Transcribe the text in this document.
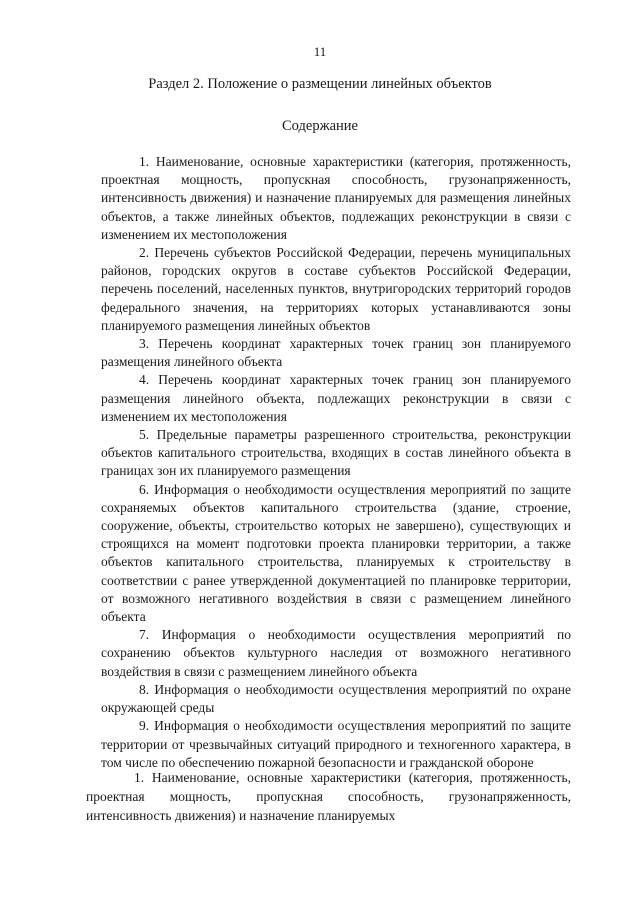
11
Раздел 2. Положение о размещении линейных объектов
Содержание

1. Наименование, основные характеристики (категория, протяженность, проектная мощность, пропускная способность, грузонапряженность, интенсивность движения) и назначение планируемых для размещения линейных объектов, а также линейных объектов, подлежащих реконструкции в связи с изменением их местоположения

2. Перечень субъектов Российской Федерации, перечень муниципальных районов, городских округов в составе субъектов Российской Федерации, перечень поселений, населенных пунктов, внутригородских территорий городов федерального значения, на территориях которых устанавливаются зоны планируемого размещения линейных объектов

3. Перечень координат характерных точек границ зон планируемого размещения линейного объекта

4. Перечень координат характерных точек границ зон планируемого размещения линейного объекта, подлежащих реконструкции в связи с изменением их местоположения

5. Предельные параметры разрешенного строительства, реконструкции объектов капитального строительства, входящих в состав линейного объекта в границах зон их планируемого размещения

6. Информация о необходимости осуществления мероприятий по защите сохраняемых объектов капитального строительства (здание, строение, сооружение, объекты, строительство которых не завершено), существующих и строящихся на момент подготовки проекта планировки территории, а также объектов капитального строительства, планируемых к строительству в соответствии с ранее утвержденной документацией по планировке территории, от возможного негативного воздействия в связи с размещением линейного объекта

7. Информация о необходимости осуществления мероприятий по сохранению объектов культурного наследия от возможного негативного воздействия в связи с размещением линейного объекта

8. Информация о необходимости осуществления мероприятий по охране окружающей среды

9. Информация о необходимости осуществления мероприятий по защите территории от чрезвычайных ситуаций природного и техногенного характера, в том числе по обеспечению пожарной безопасности и гражданской обороне

1. Наименование, основные характеристики (категория, протяженность, проектная мощность, пропускная способность, грузонапряженность, интенсивность движения) и назначение планируемых
